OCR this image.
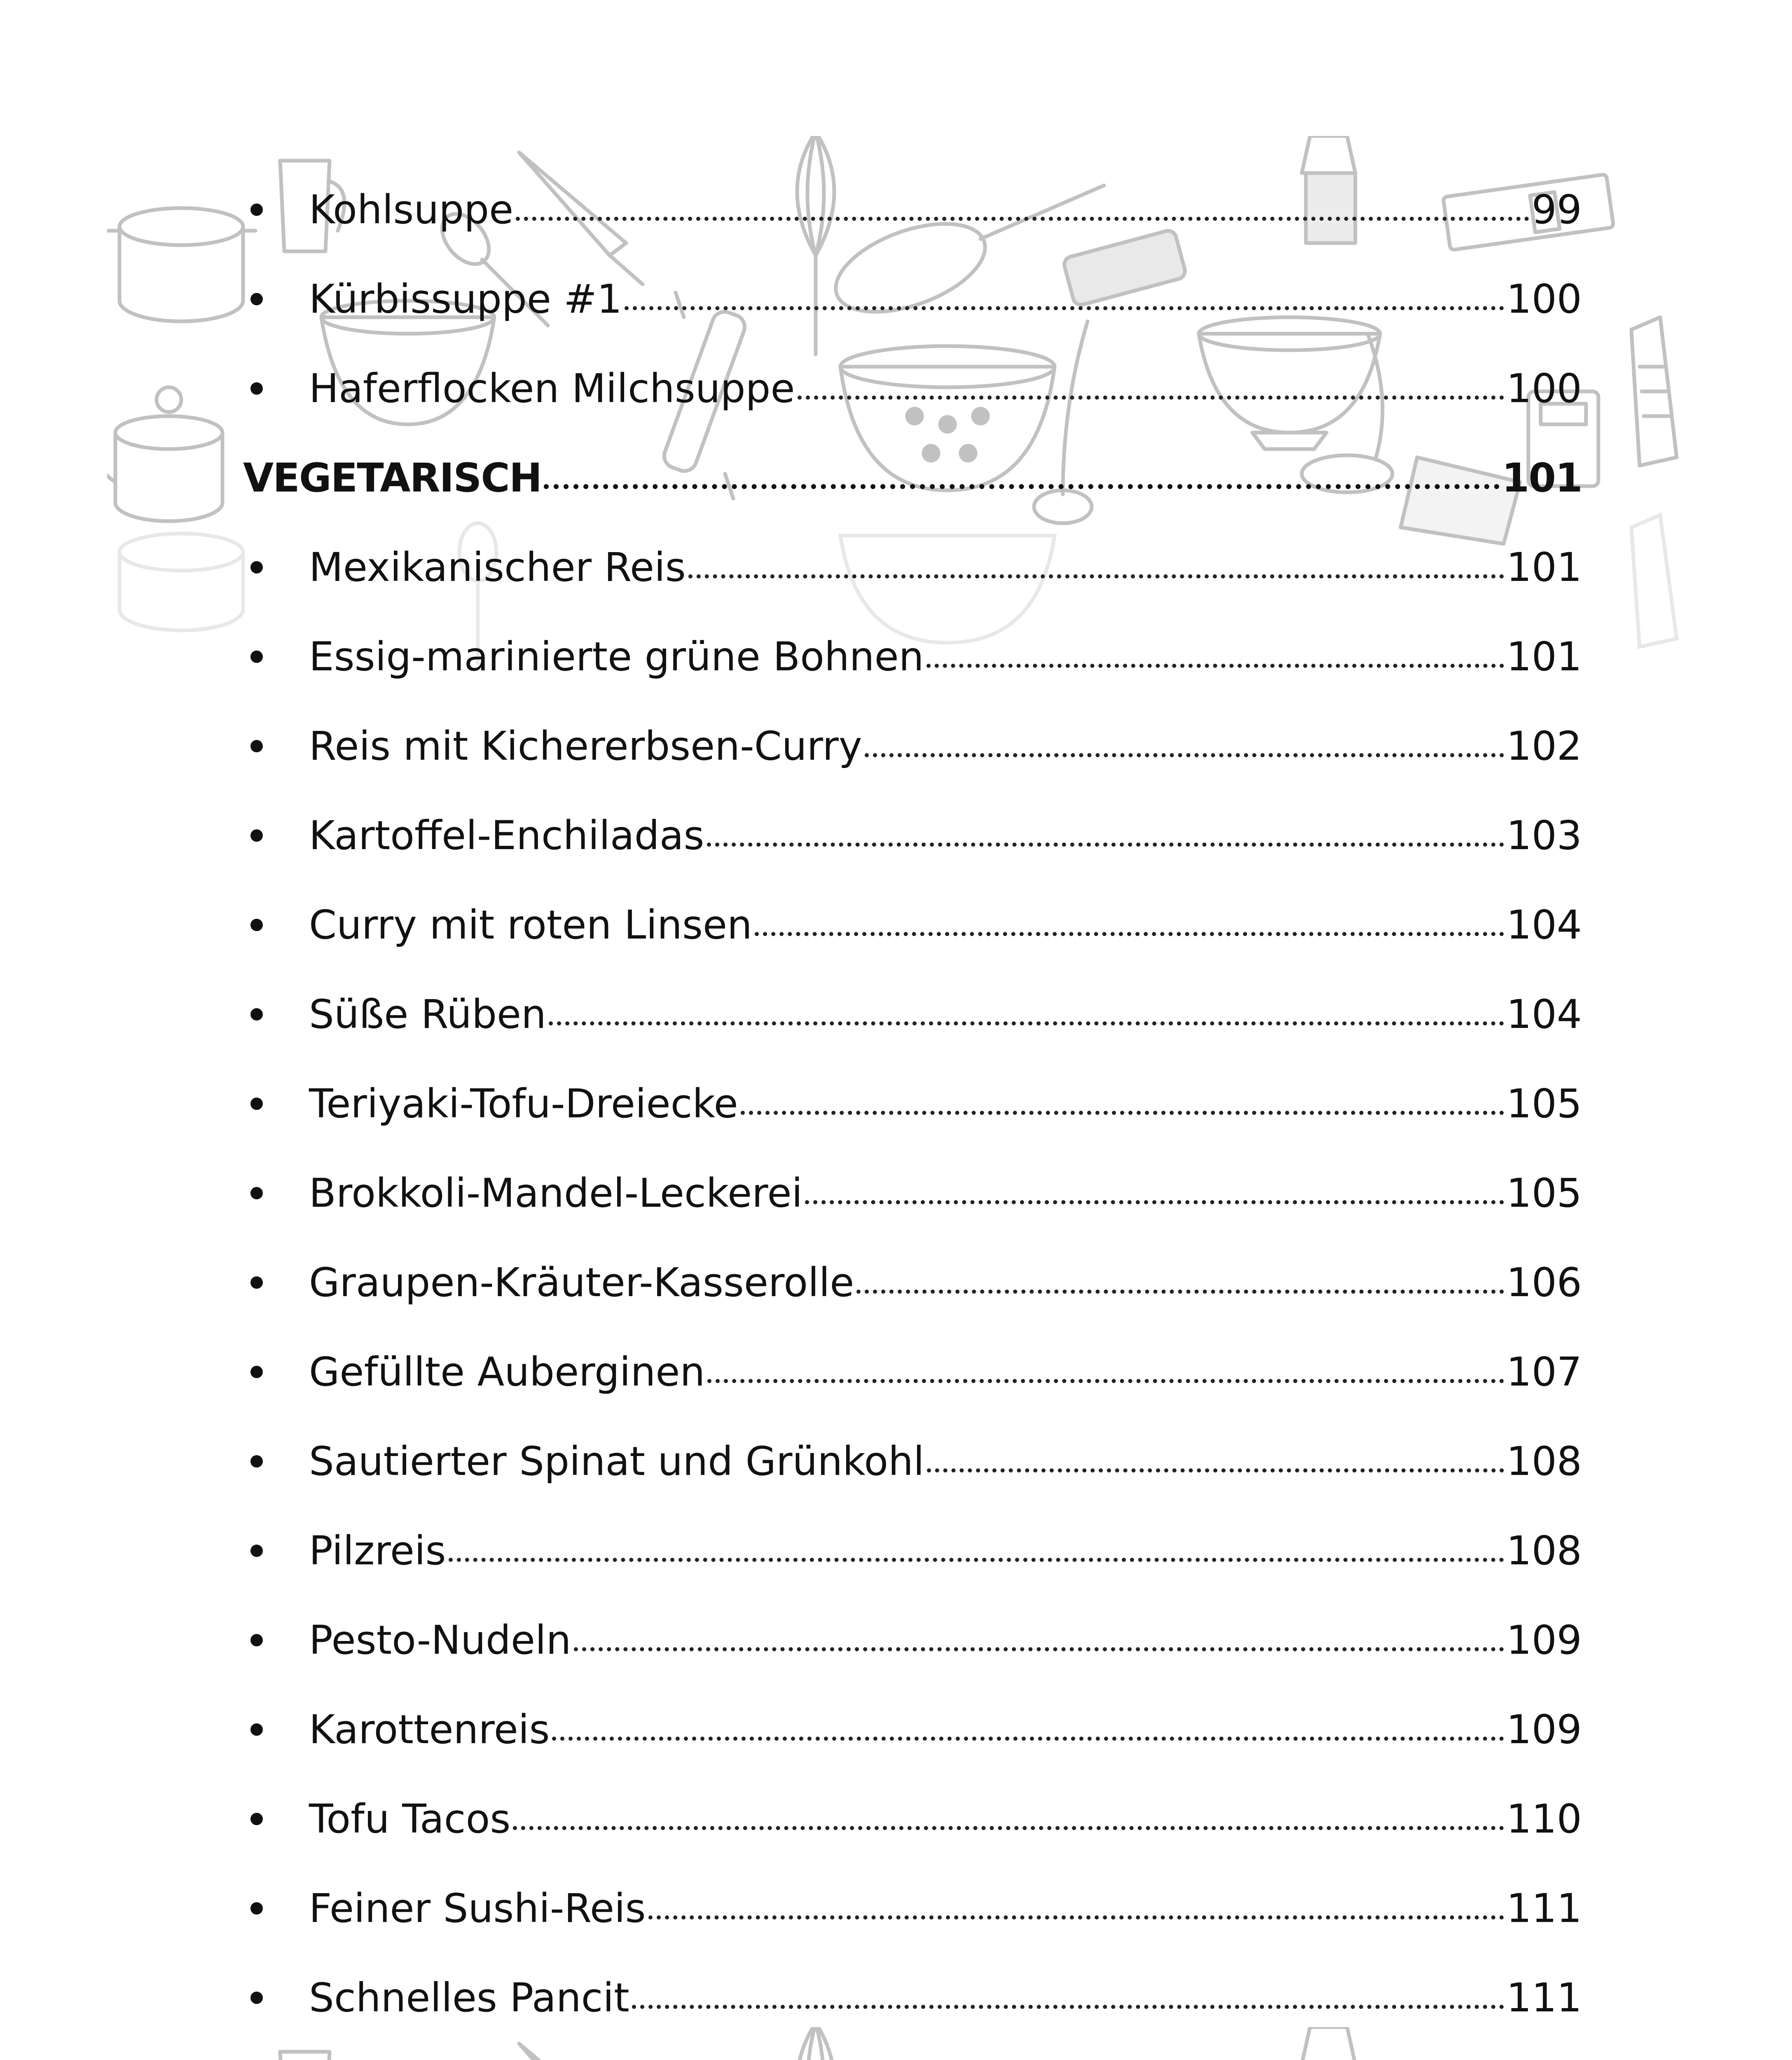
Kohlsuppe	99
Kürbissuppe #1	100
Haferflocken Milchsuppe	100
VEGETARISCH	101
Mexikanischer Reis	101
Essig-marinierte grüne Bohnen	101
Reis mit Kichererbsen-Curry	102
Kartoffel-Enchiladas	103
Curry mit roten Linsen	104
Süße Rüben	104
Teriyaki-Tofu-Dreiecke	105
Brokkoli-Mandel-Leckerei	105
Graupen-Kräuter-Kasserolle	106
Gefüllte Auberginen	107
Sautierter Spinat und Grünkohl	108
Pilzreis	108
Pesto-Nudeln	109
Karottenreis	109
Tofu Tacos	110
Feiner Sushi-Reis	111
Schnelles Pancit	111
